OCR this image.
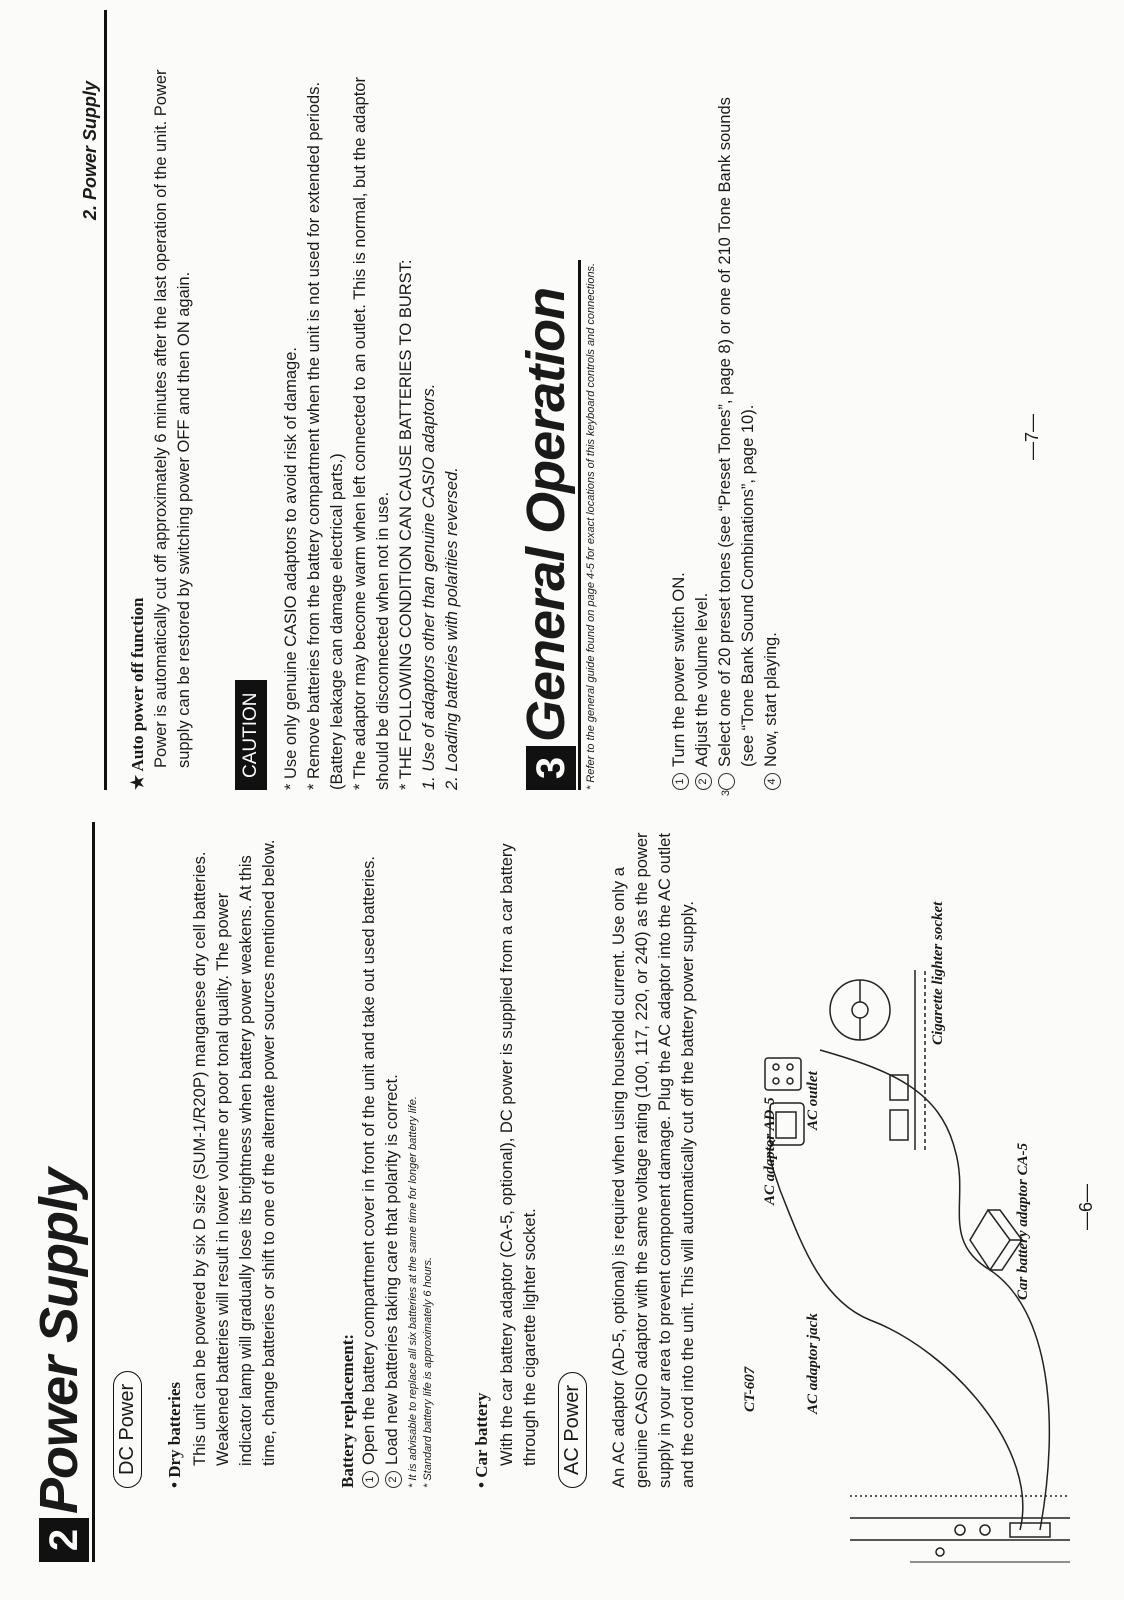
2 Power Supply DC Power

• Dry batteries This unit can be powered by six D size (SUM-1/R20P) manganese dry cell batteries. Weakened batteries will result in lower volume or poor tonal quality. The power indicator lamp will gradually lose its brightness when battery power weakens. At this time, change batteries or shift to one of the alternate power sources mentioned below.	Battery replacement: 1Open the battery compartment cover in front of the unit and take out used batteries.

2Load new batteries taking care that polarity is correct. * It is advisable to replace all six batteries at the same time for longer battery life. * Standard battery life is approximately 6 hours. • Car battery With the car battery adaptor (CA-5, optional), DC power is supplied from a car battery through the cigarette lighter socket. AC Power An AC adaptor (AD-5, optional) is required when using household current. Use only a genuine CASIO adaptor with the same voltage rating (100, 117, 220, or 240) as the power supply in your area to prevent component damage. Plug the AC adaptor into the AC outlet and the cord into the unit. This will automatically cut off the battery power supply.	CT-607	AC adaptor jack
AC adaptor AD-5 AC outlet
Cigarette lighter socket
Car battery adaptor CA-5	—6—
2. Power Supply

★ Auto power off function Power is automatically cut off approximately 6 minutes after the last operation of the unit. Power supply can be restored by switching power OFF and then ON again. CAUTION	* Use only genuine CASIO adaptors to avoid risk of damage. * Remove batteries from the battery compartment when the unit is not used for extended periods. (Battery leakage can damage electrical parts.) * The adaptor may become warm when left connected to an outlet. This is normal, but the adaptor should be disconnected when not in use. * THE FOLLOWING CONDITION CAN CAUSE BATTERIES TO BURST: 1. Use of adaptors other than genuine CASIO adaptors. 2. Loading batteries with polarities reversed.	3 General Operation * Refer to the general guide found on page 4-5 for exact locations of this keyboard controls and connections.	1Turn the power switch ON.

2Adjust the volume level.

3Select one of 20 preset tones (see “Preset Tones”, page 8) or one of 210 Tone Bank sounds (see “Tone Bank Sound Combinations”, page 10).

4Now, start playing.

—7—
